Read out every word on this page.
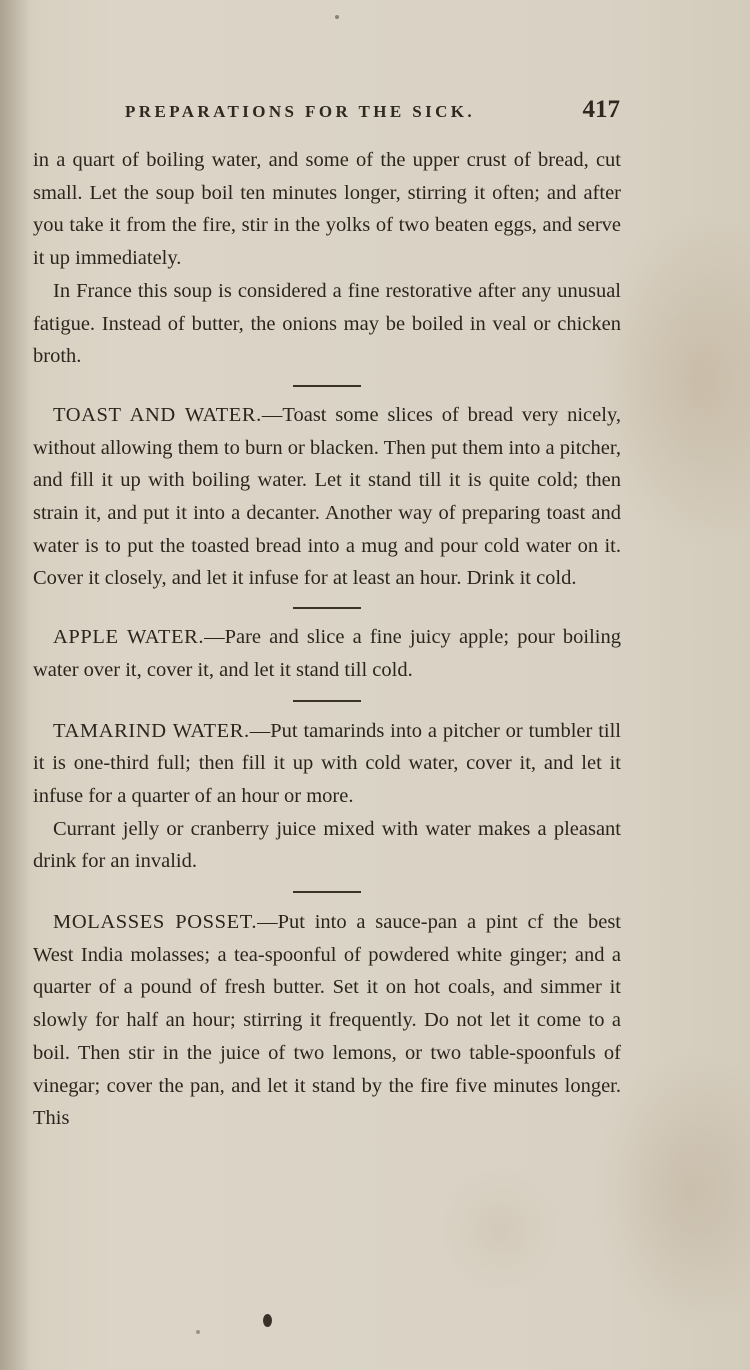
PREPARATIONS FOR THE SICK.	417

in a quart of boiling water, and some of the upper crust of bread, cut small. Let the soup boil ten minutes longer, stirring it often; and after you take it from the fire, stir in the yolks of two beaten eggs, and serve it up immediately.

In France this soup is considered a fine restorative after any unusual fatigue. Instead of butter, the onions may be boiled in veal or chicken broth.

TOAST AND WATER.—Toast some slices of bread very nicely, without allowing them to burn or blacken. Then put them into a pitcher, and fill it up with boiling water. Let it stand till it is quite cold; then strain it, and put it into a decanter. Another way of preparing toast and water is to put the toasted bread into a mug and pour cold water on it. Cover it closely, and let it infuse for at least an hour. Drink it cold.

APPLE WATER.—Pare and slice a fine juicy apple; pour boiling water over it, cover it, and let it stand till cold.

TAMARIND WATER.—Put tamarinds into a pitcher or tumbler till it is one-third full; then fill it up with cold water, cover it, and let it infuse for a quarter of an hour or more.

Currant jelly or cranberry juice mixed with water makes a pleasant drink for an invalid.

MOLASSES POSSET.—Put into a sauce-pan a pint cf the best West India molasses; a tea-spoonful of powdered white ginger; and a quarter of a pound of fresh butter. Set it on hot coals, and simmer it slowly for half an hour; stirring it frequently. Do not let it come to a boil. Then stir in the juice of two lemons, or two table-spoonfuls of vinegar; cover the pan, and let it stand by the fire five minutes longer. This
